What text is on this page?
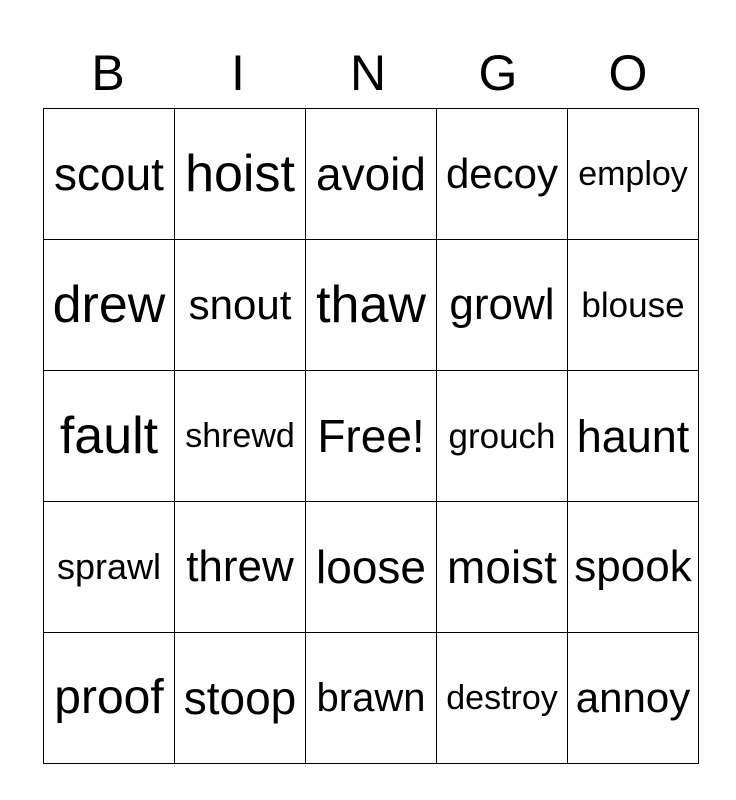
B	I	N	G	O
scout	hoist	avoid	decoy	employ
drew	snout	thaw	growl	blouse
fault	shrewd	Free!	grouch	haunt
sprawl	threw	loose	moist	spook
proof	stoop	brawn	destroy	annoy
